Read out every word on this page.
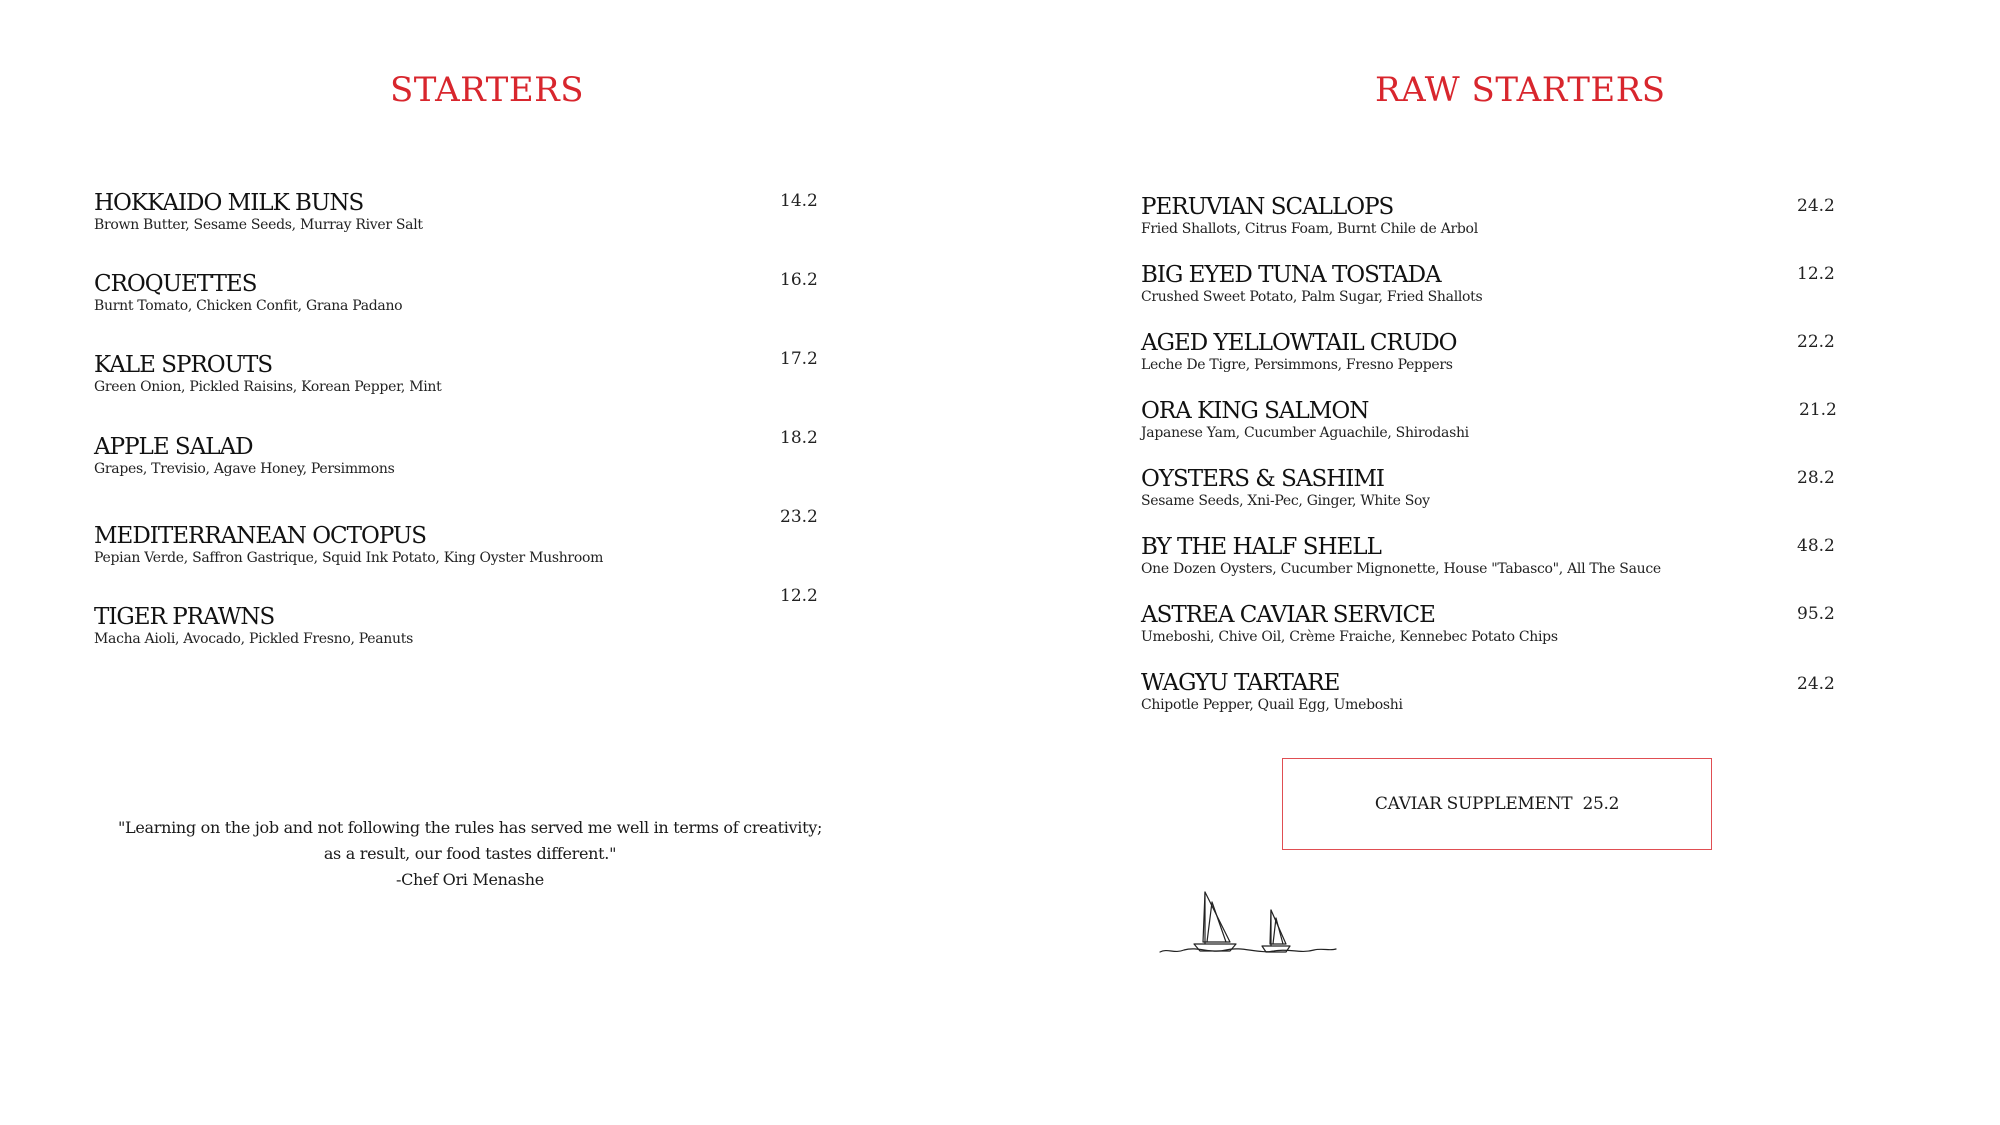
STARTERS
HOKKAIDO MILK BUNS

Brown Butter, Sesame Seeds, Murray River Salt

14.2
CROQUETTES

Burnt Tomato, Chicken Confit, Grana Padano

16.2
KALE SPROUTS

Green Onion, Pickled Raisins, Korean Pepper, Mint

17.2
APPLE SALAD

Grapes, Trevisio, Agave Honey, Persimmons

18.2
MEDITERRANEAN OCTOPUS

Pepian Verde, Saffron Gastrique, Squid Ink Potato, King Oyster Mushroom

23.2
TIGER PRAWNS

Macha Aioli, Avocado, Pickled Fresno, Peanuts

12.2
RAW STARTERS
PERUVIAN SCALLOPS

Fried Shallots, Citrus Foam, Burnt Chile de Arbol

24.2
BIG EYED TUNA TOSTADA

Crushed Sweet Potato, Palm Sugar, Fried Shallots

12.2
AGED YELLOWTAIL CRUDO

Leche De Tigre, Persimmons, Fresno Peppers

22.2
ORA KING SALMON

Japanese Yam, Cucumber Aguachile, Shirodashi

21.2
OYSTERS & SASHIMI

Sesame Seeds, Xni-Pec, Ginger, White Soy

28.2
BY THE HALF SHELL

One Dozen Oysters, Cucumber Mignonette, House "Tabasco", All The Sauce

48.2
ASTREA CAVIAR SERVICE

Umeboshi, Chive Oil, Crème Fraiche, Kennebec Potato Chips

95.2
WAGYU TARTARE

Chipotle Pepper, Quail Egg, Umeboshi

24.2
"Learning on the job and not following the rules has served me well in terms of creativity;
as a result, our food tastes different."
-Chef Ori Menashe
CAVIAR SUPPLEMENT  25.2
